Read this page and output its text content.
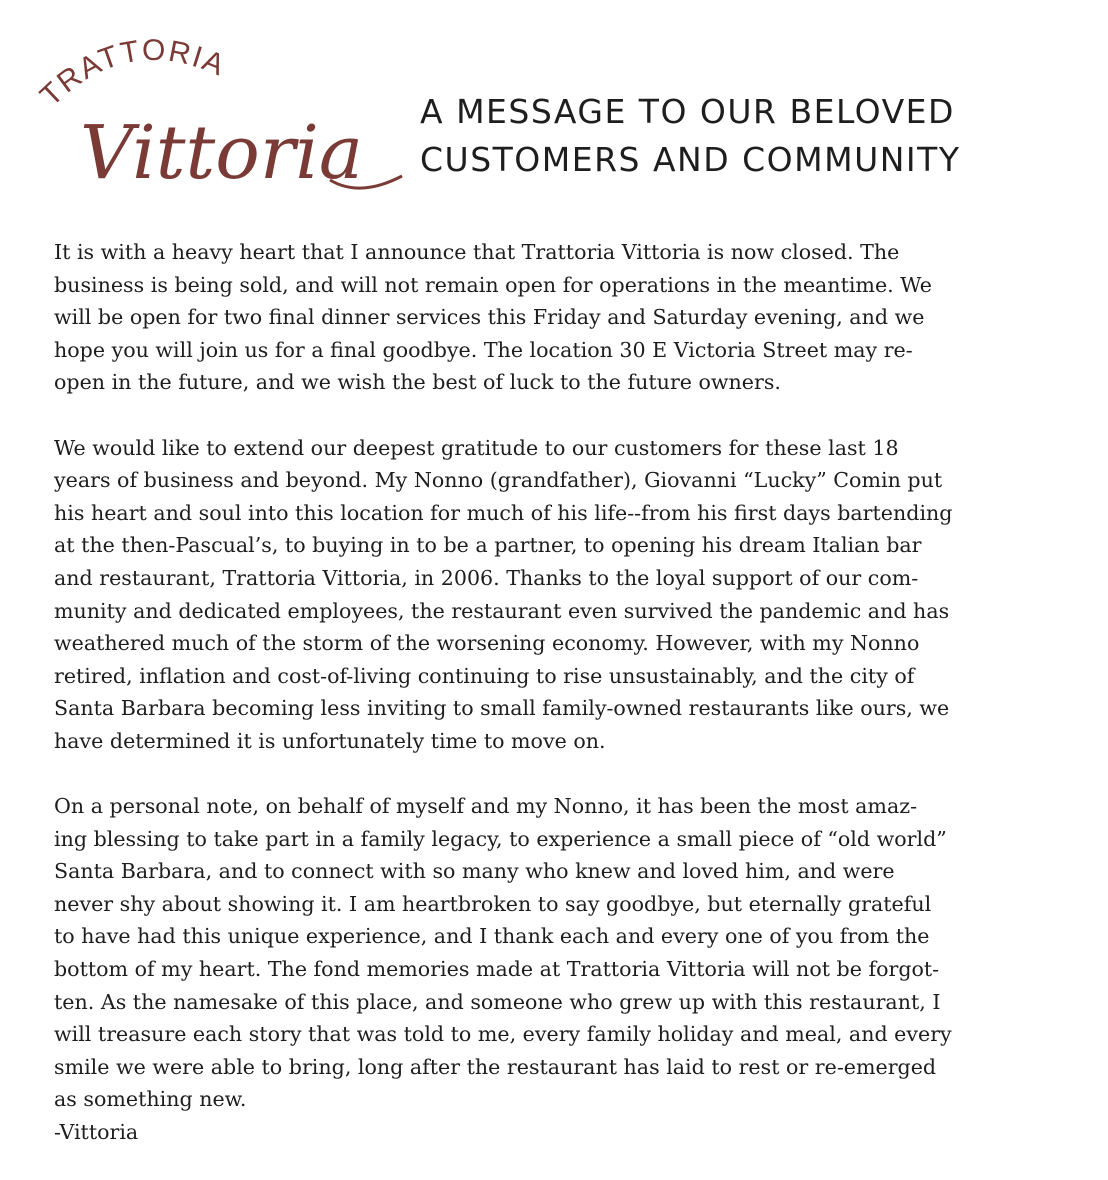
TRATTORIA
Vittoria A MESSAGE TO OUR BELOVED
CUSTOMERS AND COMMUNITY

It is with a heavy heart that I announce that Trattoria Vittoria is now closed. The
business is being sold, and will not remain open for operations in the meantime. We
will be open for two final dinner services this Friday and Saturday evening, and we
hope you will join us for a final goodbye. The location 30 E Victoria Street may re-
open in the future, and we wish the best of luck to the future owners.

We would like to extend our deepest gratitude to our customers for these last 18
years of business and beyond. My Nonno (grandfather), Giovanni “Lucky” Comin put
his heart and soul into this location for much of his life--from his first days bartending
at the then-Pascual’s, to buying in to be a partner, to opening his dream Italian bar
and restaurant, Trattoria Vittoria, in 2006. Thanks to the loyal support of our com-
munity and dedicated employees, the restaurant even survived the pandemic and has
weathered much of the storm of the worsening economy. However, with my Nonno
retired, inflation and cost-of-living continuing to rise unsustainably, and the city of
Santa Barbara becoming less inviting to small family-owned restaurants like ours, we
have determined it is unfortunately time to move on.

On a personal note, on behalf of myself and my Nonno, it has been the most amaz-
ing blessing to take part in a family legacy, to experience a small piece of “old world”
Santa Barbara, and to connect with so many who knew and loved him, and were
never shy about showing it. I am heartbroken to say goodbye, but eternally grateful
to have had this unique experience, and I thank each and every one of you from the
bottom of my heart. The fond memories made at Trattoria Vittoria will not be forgot-
ten. As the namesake of this place, and someone who grew up with this restaurant, I
will treasure each story that was told to me, every family holiday and meal, and every
smile we were able to bring, long after the restaurant has laid to rest or re-emerged
as something new.

-Vittoria
